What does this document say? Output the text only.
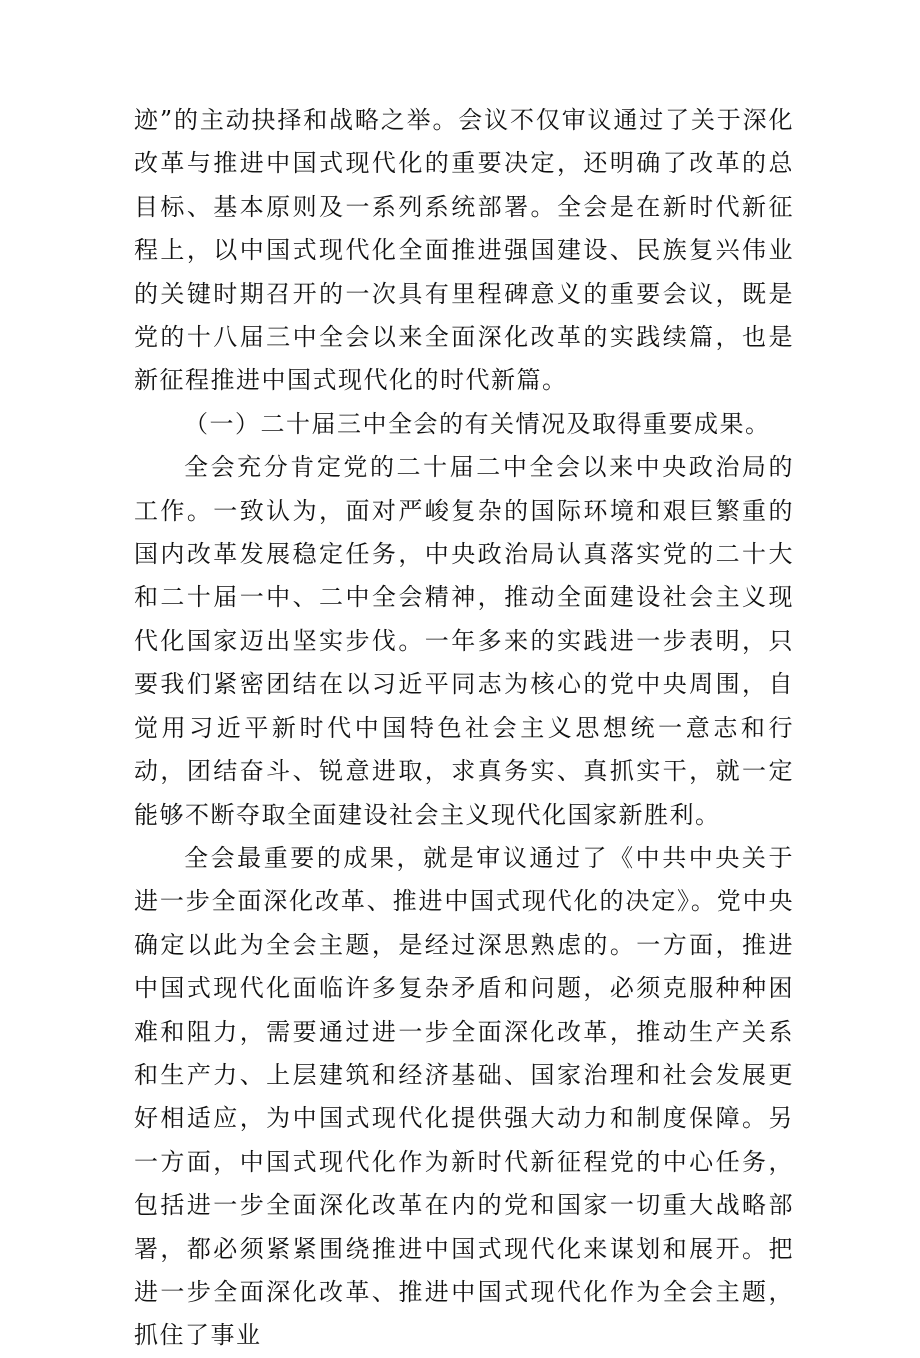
迹”的主动抉择和战略之举。会议不仅审议通过了关于深化改革与推进中国式现代化的重要决定，还明确了改革的总目标、基本原则及一系列系统部署。全会是在新时代新征程上，以中国式现代化全面推进强国建设、民族复兴伟业的关键时期召开的一次具有里程碑意义的重要会议，既是党的十八届三中全会以来全面深化改革的实践续篇，也是新征程推进中国式现代化的时代新篇。

（一）二十届三中全会的有关情况及取得重要成果。

全会充分肯定党的二十届二中全会以来中央政治局的工作。一致认为，面对严峻复杂的国际环境和艰巨繁重的国内改革发展稳定任务，中央政治局认真落实党的二十大和二十届一中、二中全会精神，推动全面建设社会主义现代化国家迈出坚实步伐。一年多来的实践进一步表明，只要我们紧密团结在以习近平同志为核心的党中央周围，自觉用习近平新时代中国特色社会主义思想统一意志和行动，团结奋斗、锐意进取，求真务实、真抓实干，就一定能够不断夺取全面建设社会主义现代化国家新胜利。

全会最重要的成果，就是审议通过了《中共中央关于进一步全面深化改革、推进中国式现代化的决定》。党中央确定以此为全会主题，是经过深思熟虑的。一方面，推进中国式现代化面临许多复杂矛盾和问题，必须克服种种困难和阻力，需要通过进一步全面深化改革，推动生产关系和生产力、上层建筑和经济基础、国家治理和社会发展更好相适应，为中国式现代化提供强大动力和制度保障。另一方面，中国式现代化作为新时代新征程党的中心任务，包括进一步全面深化改革在内的党和国家一切重大战略部署，都必须紧紧围绕推进中国式现代化来谋划和展开。把进一步全面深化改革、推进中国式现代化作为全会主题，抓住了事业
